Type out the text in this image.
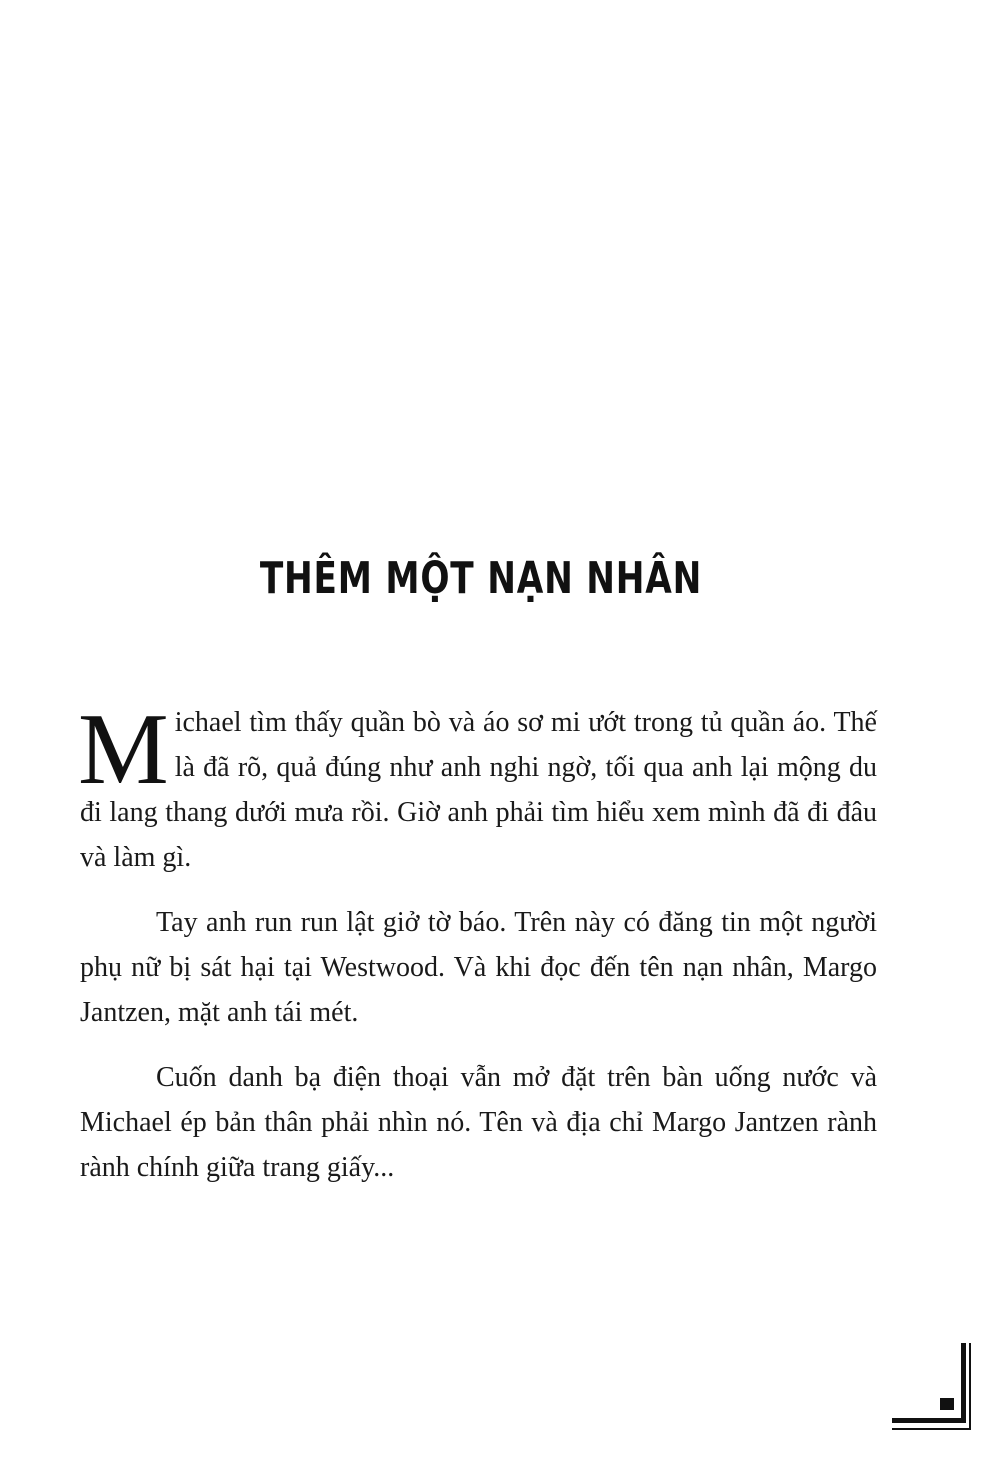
THÊM MỘT NẠN NHÂN

Michael tìm thấy quần bò và áo sơ mi ướt trong tủ quần áo. Thế là đã rõ, quả đúng như anh nghi ngờ, tối qua anh lại mộng du đi lang thang dưới mưa rồi. Giờ anh phải tìm hiểu xem mình đã đi đâu và làm gì.

Tay anh run run lật giở tờ báo. Trên này có đăng tin một người phụ nữ bị sát hại tại Westwood. Và khi đọc đến tên nạn nhân, Margo Jantzen, mặt anh tái mét.

Cuốn danh bạ điện thoại vẫn mở đặt trên bàn uống nước và Michael ép bản thân phải nhìn nó. Tên và địa chỉ Margo Jantzen rành rành chính giữa trang giấy...
